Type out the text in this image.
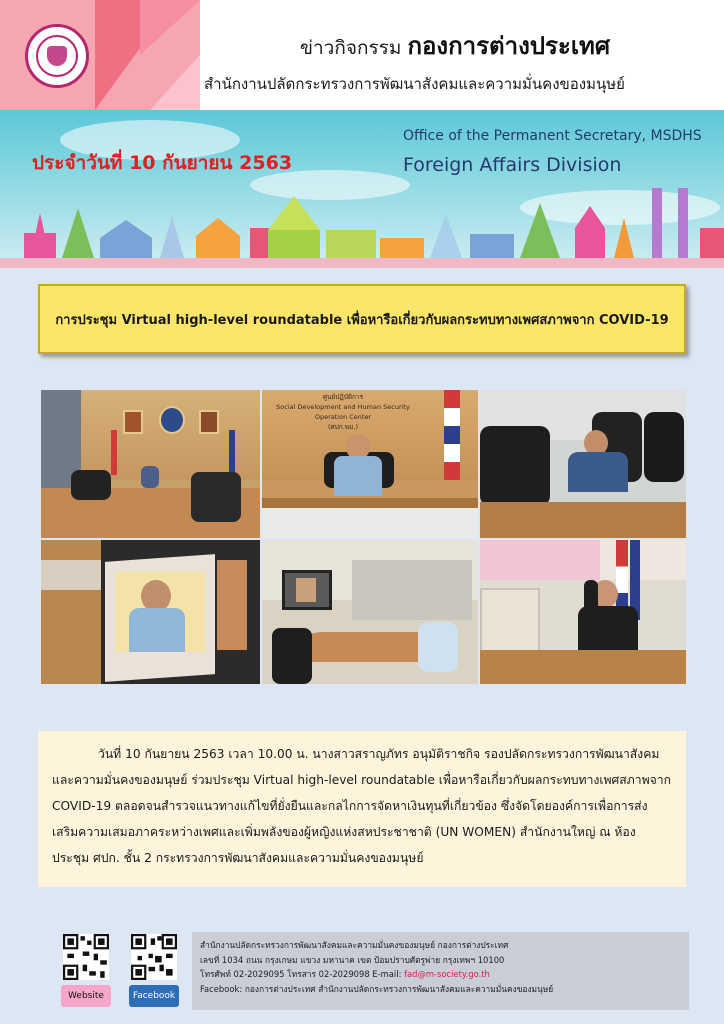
ข่าวกิจกรรม กองการต่างประเทศ
สำนักงานปลัดกระทรวงการพัฒนาสังคมและความมั่นคงของมนุษย์
ประจำวันที่ 10 กันยายน 2563
Office of the Permanent Secretary, MSDHS
Foreign Affairs Division
การประชุม Virtual high-level roundatable เพื่อหารือเกี่ยวกับผลกระทบทางเพศสภาพจาก COVID-19
ศูนย์ปฏิบัติการ
Social Development and Human Security Operation Center
(ศปก.พม.)
วันที่ 10 กันยายน 2563 เวลา 10.00 น. นางสาวสราญภัทร อนุมัติราชกิจ รองปลัดกระทรวงการพัฒนาสังคมและความมั่นคงของมนุษย์ ร่วมประชุม Virtual high-level roundatable เพื่อหารือเกี่ยวกับผลกระทบทางเพศสภาพจาก COVID-19 ตลอดจนสำรวจแนวทางแก้ไขที่ยั่งยืนและกลไกการจัดหาเงินทุนที่เกี่ยวข้อง ซึ่งจัดโดยองค์การเพื่อการส่งเสริมความเสมอภาคระหว่างเพศและเพิ่มพลังของผู้หญิงแห่งสหประชาชาติ (UN WOMEN) สำนักงานใหญ่ ณ ห้องประชุม ศปก. ชั้น 2 กระทรวงการพัฒนาสังคมและความมั่นคงของมนุษย์
Website	Facebook
สำนักงานปลัดกระทรวงการพัฒนาสังคมและความมั่นคงของมนุษย์ กองการต่างประเทศ
เลขที่ 1034 ถนน กรุงเกษม แขวง มหานาค เขต ป้อมปราบศัตรูพ่าย กรุงเทพฯ 10100
โทรศัพท์ 02-2029095 โทรสาร 02-2029098 E-mail: fad@m-society.go.th
Facebook: กองการต่างประเทศ สำนักงานปลัดกระทรวงการพัฒนาสังคมและความมั่นคงของมนุษย์
